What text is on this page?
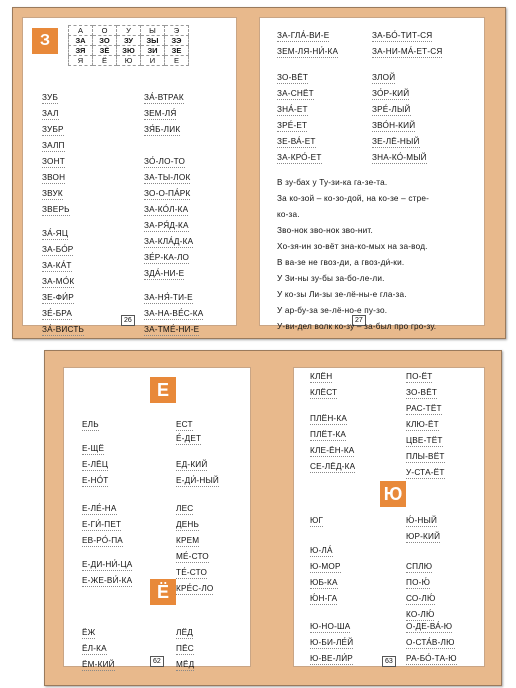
З
А	О	У	Ы	Э
ЗА	ЗО	ЗУ	ЗЫ	ЗЭ
ЗЯ	ЗЁ	ЗЮ	ЗИ	ЗЕ
Я	Ё	Ю	И	Е
26
ЗУБ
ЗАЛ
ЗУБР
ЗАЛП
ЗОНТ
ЗВОН
ЗВУК
ЗВЕРЬ
ЗА́-ЯЦ
ЗА-БО́Р
ЗА-КА́Т
ЗА-МО́К
ЗЕ-ФИ́Р
ЗЕ́-БРА
ЗА́-ВИСТЬ
ЗА́-ВТРАК
ЗЕМ-ЛЯ́
ЗЯ́Б-ЛИК
ЗО́-ЛО-ТО
ЗА-ТЫ-ЛОК
ЗО-О-ПА́РК
ЗА-КО́Л-КА
ЗА-РЯ́Д-КА
ЗА-КЛА́Д-КА
ЗЕ́Р-КА-ЛО
ЗДА́-НИ-Е
ЗА-НЯ́-ТИ-Е
ЗА-НА-ВЕ́С-КА
ЗА-ТМЕ́-НИ-Е
27
ЗА-ГЛА́-ВИ-Е
ЗЕМ-ЛЯ-НИ́-КА
ЗА-БО́-ТИТ-СЯ
ЗА-НИ-МА́-ЕТ-СЯ
ЗО-ВЁТ
ЗА-СНЁТ
ЗНА́-ЕТ
ЗРЕ́-ЕТ
ЗЕ-ВА́-ЕТ
ЗА-КРО́-ЕТ
ЗЛОЙ
ЗО́Р-КИЙ
ЗРЕ́-ЛЫЙ
ЗВО́Н-КИЙ
ЗЕ-ЛЁ-НЫЙ
ЗНА-КО́-МЫЙ
В зу-бах у Ту-зи-ка га-зе-та.
За ко-зой – ко-зо-дой, на ко-зе – стре-
ко-за.
Зво-нок зво-нок зво-нит.
Хо-зя-ин зо-вёт зна-ко-мых на за-вод.
В ва-зе не гвоз-ди, а гвоз-ди́-ки.
У Зи-ны зу-бы за-бо-ле-ли.
У ко-зы Ли-зы зе-лё-ны-е гла-за.
У ар-бу-за зе-лё-но-е пу-зо.
У-ви-дел волк ко-зу – за-был про гро-зу.
Е
Ё
62
ЕЛЬ
Е-ЩЁ
Е-ЛЁЦ
Е-НО́Т
Е-ЛЕ́-НА
Е-ГИ́-ПЕТ
ЕВ-РО́-ПА
Е-ДИ-НИ́-ЦА
Е-ЖЕ-ВИ́-КА
ЕСТ
Е́-ДЕТ
ЕД-КИЙ
Е-ДИ́-НЫЙ
ЛЕС
ДЕНЬ
КРЕМ
МЕ́-СТО
ТЕ́-СТО
КРЕ́С-ЛО
ЁЖ
ЁЛ-КА
ЁМ-КИЙ
ЛЁД
ПЁС
МЁД
Ю
63
КЛЁН
КЛЁСТ
ПЛЁН-КА
ПЛЁТ-КА
КЛЕ-ЁН-КА
СЕ-ЛЁД-КА
ПО-ЁТ
ЗО-ВЁТ
РАС-ТЁТ
КЛЮ-ЁТ
ЦВЕ-ТЁТ
ПЛЫ-ВЁТ
У-СТА-ЁТ
ЮГ	Ю́-НЫЙ
ЮР-КИЙ
Ю-ЛА́
Ю-МОР
ЮБ-КА
Ю́Н-ГА
Ю-НО-ША
Ю-БИ-ЛЕ́Й
Ю-ВЕ-ЛИ́Р
СПЛЮ
ПО-Ю́
СО-ЛЮ́
КО-ЛЮ́
О-ДЕ-ВА́-Ю
О-СТА́В-ЛЮ
РА-БО́-ТА-Ю
